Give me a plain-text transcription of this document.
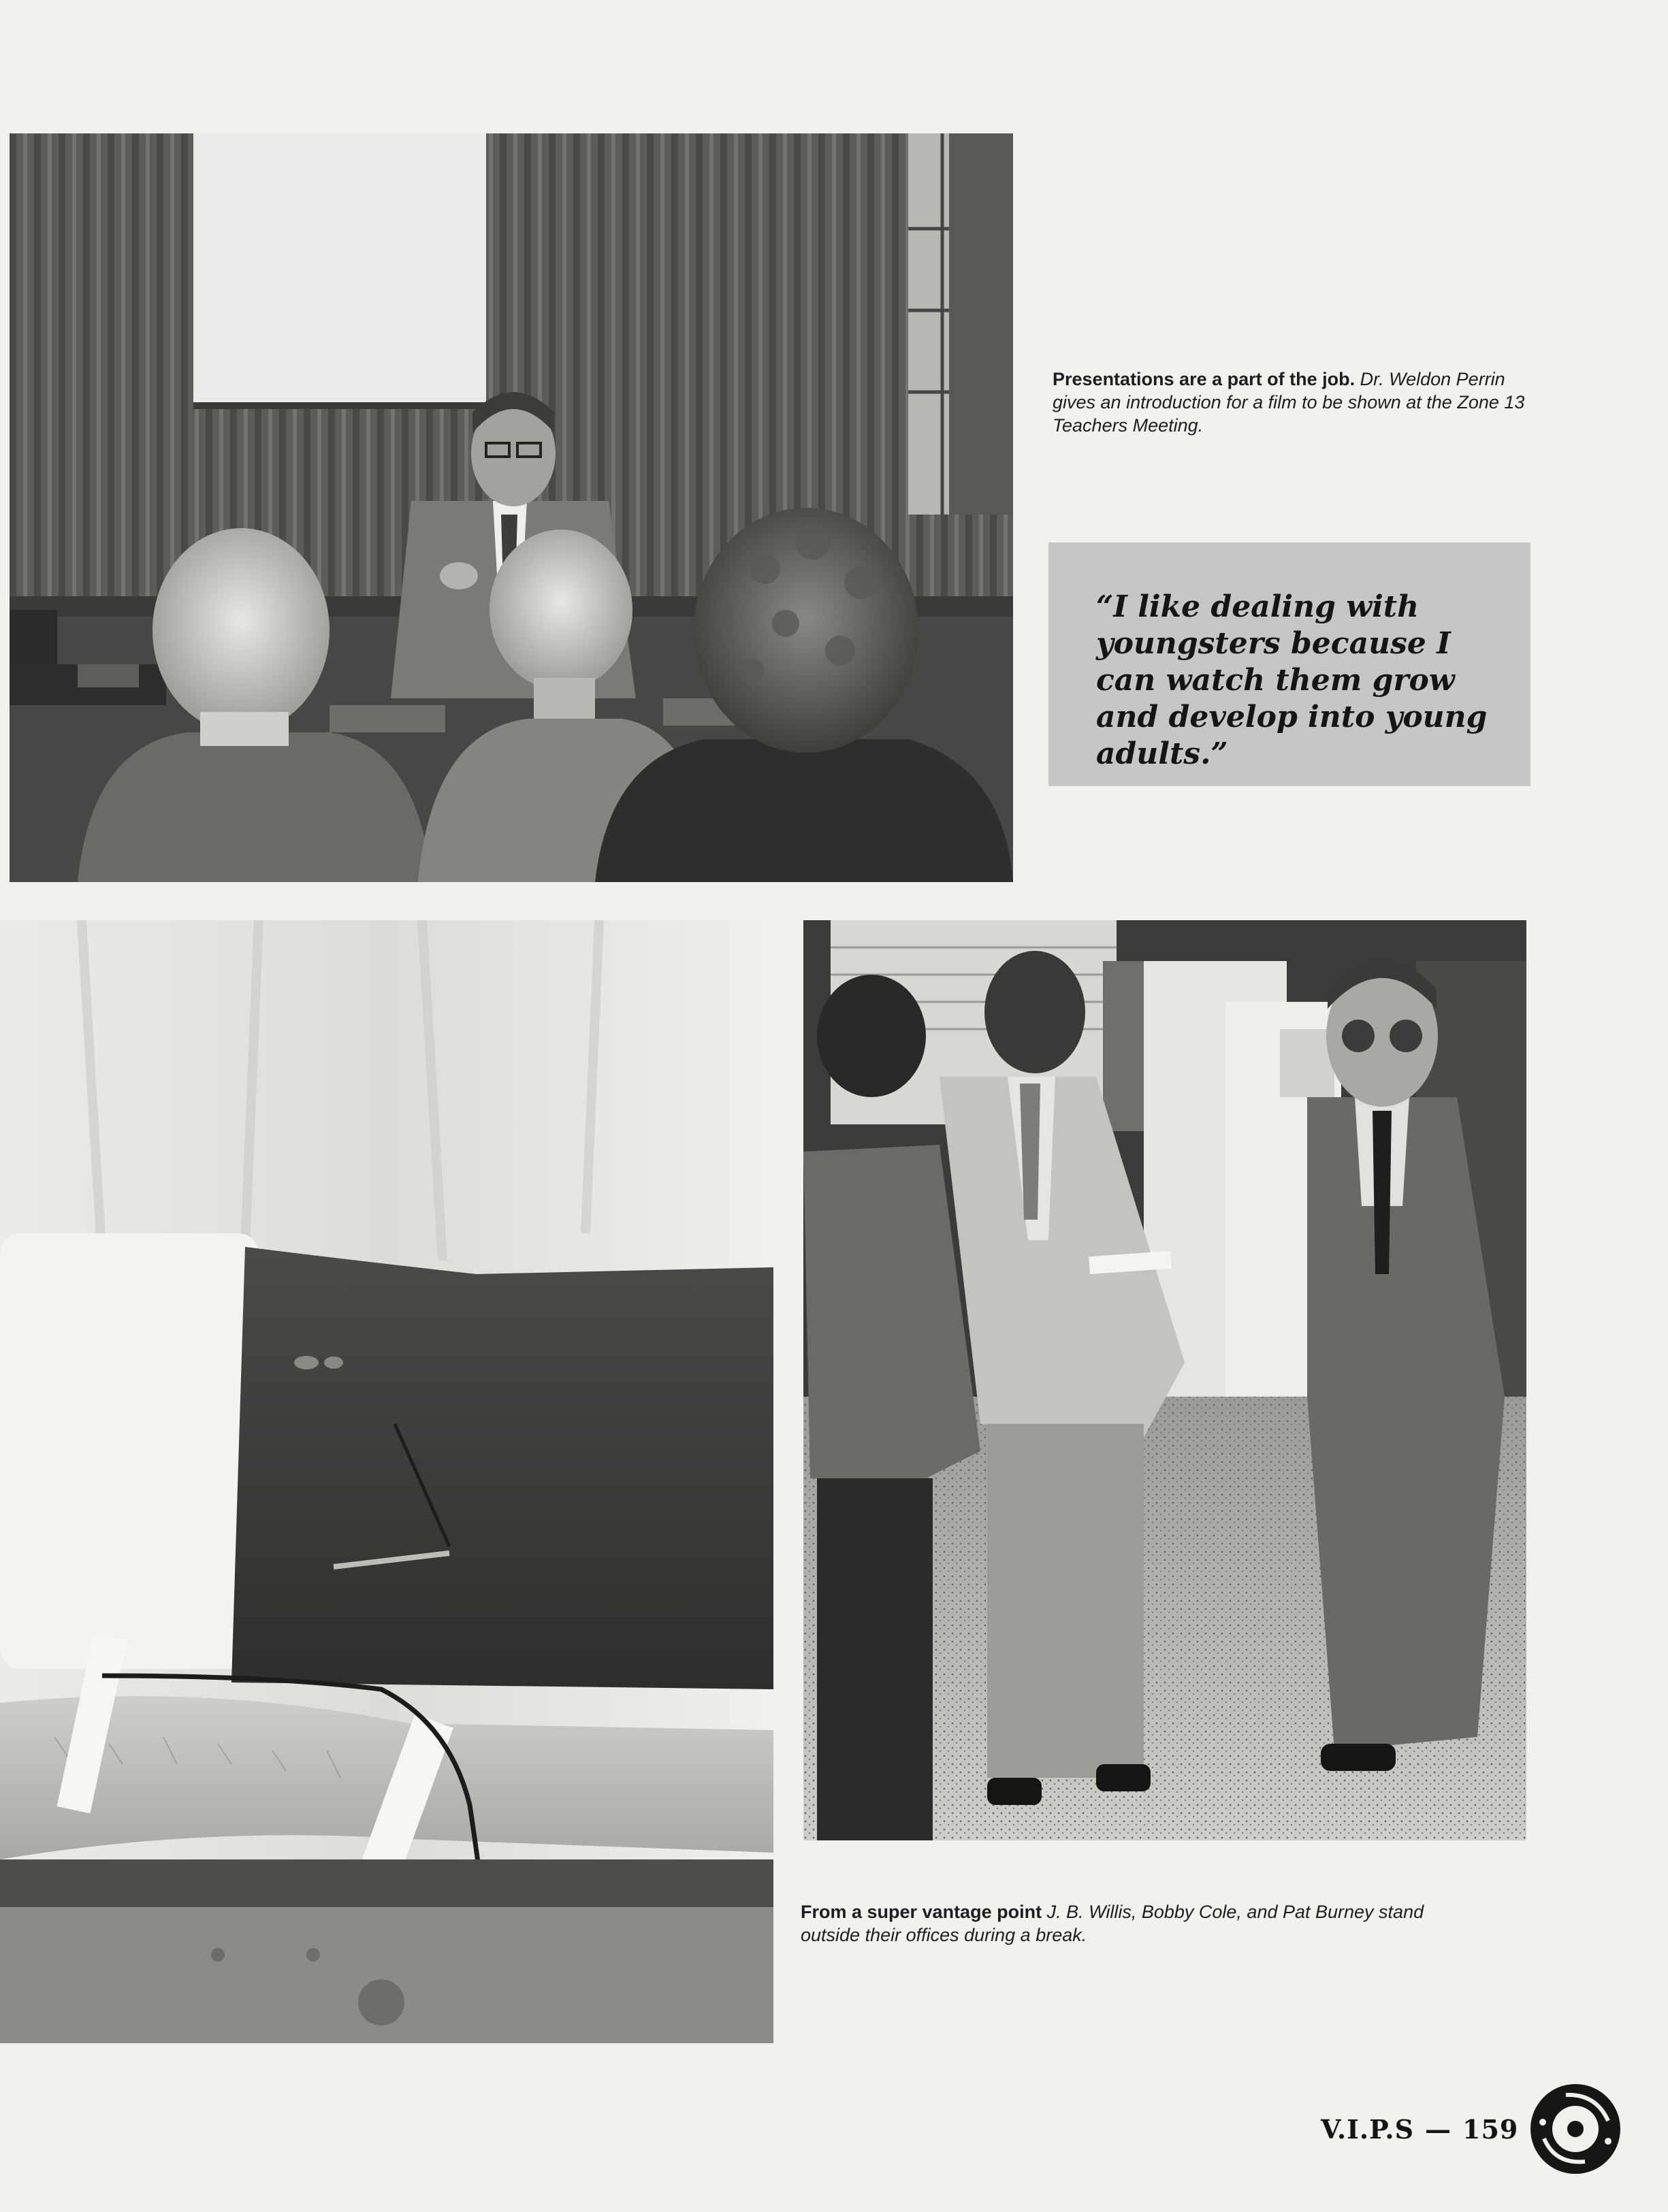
Presentations are a part of the job. Dr. Weldon Perrin gives an introduction for a film to be shown at the Zone 13 Teachers Meeting.

“I like dealing with youngsters because I can watch them grow and develop into young adults.”

From a super vantage point J. B. Willis, Bobby Cole, and Pat Burney stand outside their offices during a break.
V.I.P.S — 159
